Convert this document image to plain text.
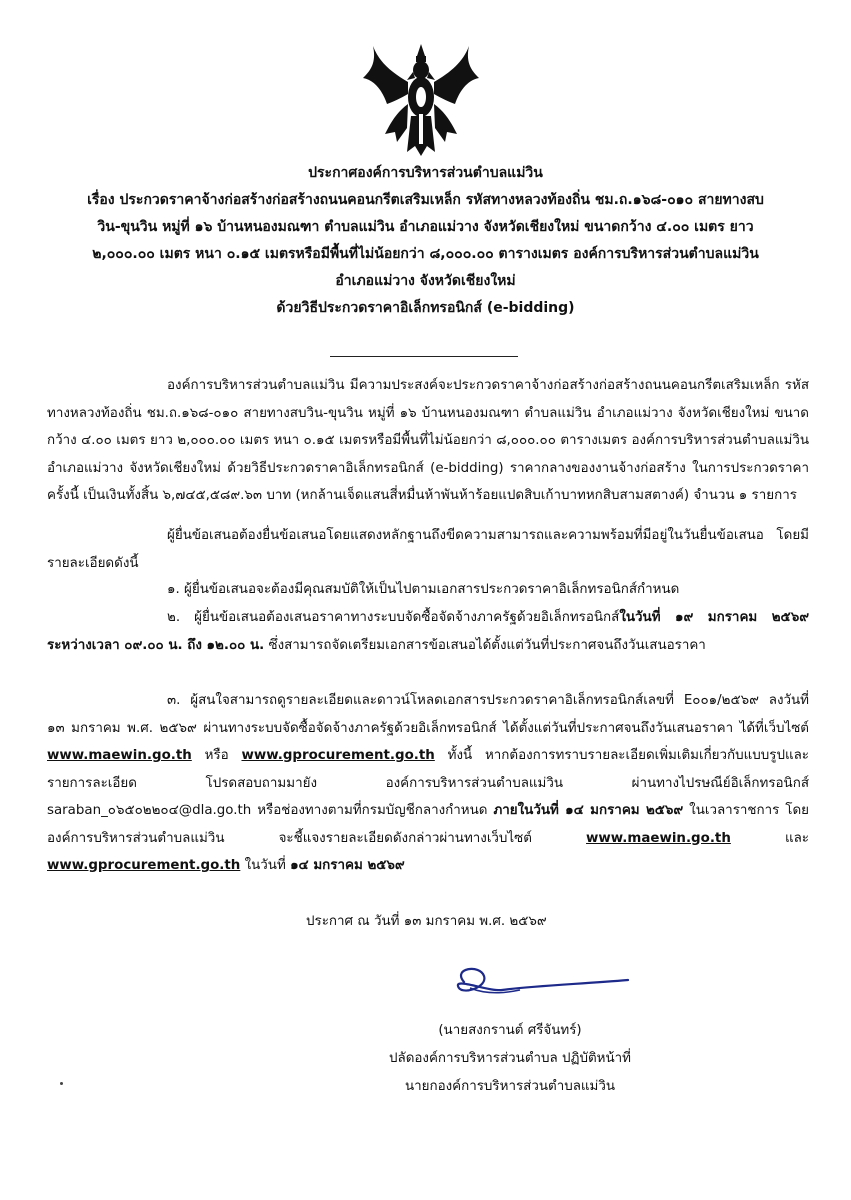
ประกาศองค์การบริหารส่วนตำบลแม่วิน
เรื่อง ประกวดราคาจ้างก่อสร้างก่อสร้างถนนคอนกรีตเสริมเหล็ก รหัสทางหลวงท้องถิ่น ชม.ถ.๑๖๘-๐๑๐ สายทางสบ
วิน-ขุนวิน หมู่ที่ ๑๖ บ้านหนองมณฑา ตำบลแม่วิน อำเภอแม่วาง จังหวัดเชียงใหม่ ขนาดกว้าง ๔.๐๐ เมตร ยาว
๒,๐๐๐.๐๐ เมตร หนา ๐.๑๕ เมตรหรือมีพื้นที่ไม่น้อยกว่า ๘,๐๐๐.๐๐ ตารางเมตร องค์การบริหารส่วนตำบลแม่วิน
อำเภอแม่วาง จังหวัดเชียงใหม่
ด้วยวิธีประกวดราคาอิเล็กทรอนิกส์ (e-bidding)
องค์การบริหารส่วนตำบลแม่วิน มีความประสงค์จะประกวดราคาจ้างก่อสร้างก่อสร้างถนนคอนกรีตเสริมเหล็ก รหัสทางหลวงท้องถิ่น ชม.ถ.๑๖๘-๐๑๐ สายทางสบวิน-ขุนวิน หมู่ที่ ๑๖ บ้านหนองมณฑา ตำบลแม่วิน อำเภอแม่วาง จังหวัดเชียงใหม่ ขนาดกว้าง ๔.๐๐ เมตร ยาว ๒,๐๐๐.๐๐ เมตร หนา ๐.๑๕ เมตรหรือมีพื้นที่ไม่น้อยกว่า ๘,๐๐๐.๐๐ ตารางเมตร องค์การบริหารส่วนตำบลแม่วิน อำเภอแม่วาง จังหวัดเชียงใหม่ ด้วยวิธีประกวดราคาอิเล็กทรอนิกส์ (e-bidding) ราคากลางของงานจ้างก่อสร้าง ในการประกวดราคาครั้งนี้ เป็นเงินทั้งสิ้น ๖,๗๔๕,๕๘๙.๖๓ บาท (หกล้านเจ็ดแสนสี่หมื่นห้าพันห้าร้อยแปดสิบเก้าบาทหกสิบสามสตางค์) จำนวน ๑ รายการ
ผู้ยื่นข้อเสนอต้องยื่นข้อเสนอโดยแสดงหลักฐานถึงขีดความสามารถและความพร้อมที่มีอยู่ในวันยื่นข้อเสนอ โดยมีรายละเอียดดังนี้
๑. ผู้ยื่นข้อเสนอจะต้องมีคุณสมบัติให้เป็นไปตามเอกสารประกวดราคาอิเล็กทรอนิกส์กำหนด
๒. ผู้ยื่นข้อเสนอต้องเสนอราคาทางระบบจัดซื้อจัดจ้างภาครัฐด้วยอิเล็กทรอนิกส์ในวันที่ ๑๙ มกราคม ๒๕๖๙ ระหว่างเวลา ๐๙.๐๐ น. ถึง ๑๒.๐๐ น. ซึ่งสามารถจัดเตรียมเอกสารข้อเสนอได้ตั้งแต่วันที่ประกาศจนถึงวันเสนอราคา
๓. ผู้สนใจสามารถดูรายละเอียดและดาวน์โหลดเอกสารประกวดราคาอิเล็กทรอนิกส์เลขที่ E๐๐๑/๒๕๖๙ ลงวันที่ ๑๓ มกราคม พ.ศ. ๒๕๖๙ ผ่านทางระบบจัดซื้อจัดจ้างภาครัฐด้วยอิเล็กทรอนิกส์ ได้ตั้งแต่วันที่ประกาศจนถึงวันเสนอราคา ได้ที่เว็บไซต์ www.maewin.go.th หรือ www.gprocurement.go.th ทั้งนี้ หากต้องการทราบรายละเอียดเพิ่มเติมเกี่ยวกับแบบรูปและรายการละเอียด โปรดสอบถามมายัง องค์การบริหารส่วนตำบลแม่วิน ผ่านทางไปรษณีย์อิเล็กทรอนิกส์ saraban_๐๖๕๐๒๒๐๔@dla.go.th หรือช่องทางตามที่กรมบัญชีกลางกำหนด ภายในวันที่ ๑๔ มกราคม ๒๕๖๙ ในเวลาราชการ โดยองค์การบริหารส่วนตำบลแม่วิน จะชี้แจงรายละเอียดดังกล่าวผ่านทางเว็บไซต์ www.maewin.go.th และ www.gprocurement.go.th ในวันที่ ๑๔ มกราคม ๒๕๖๙
ประกาศ ณ วันที่ ๑๓ มกราคม พ.ศ. ๒๕๖๙
(นายสงกรานต์ ศรีจันทร์)
ปลัดองค์การบริหารส่วนตำบล ปฏิบัติหน้าที่
นายกองค์การบริหารส่วนตำบลแม่วิน
